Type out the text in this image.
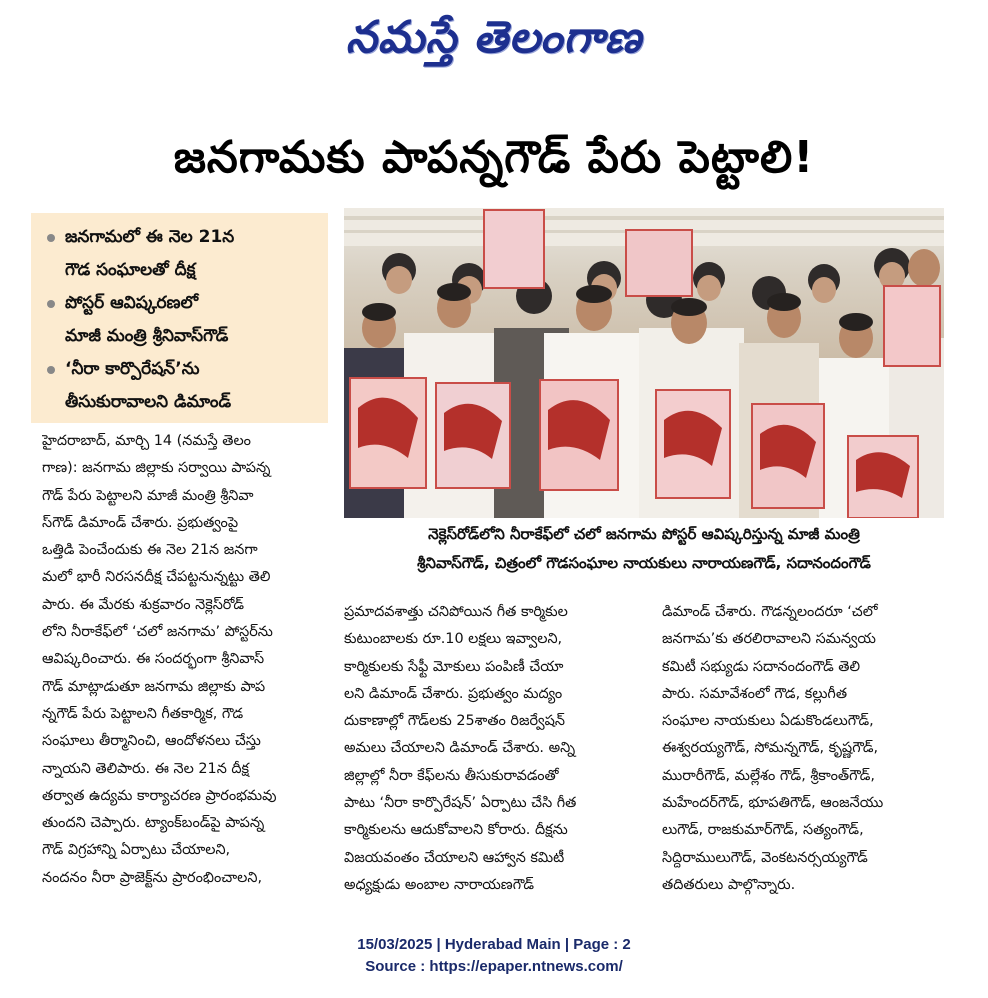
నమస్తే తెలంగాణ
జనగామకు పాపన్నగౌడ్ పేరు పెట్టాలి!
జనగామలో ఈ నెల 21న
గౌడ సంఘాలతో దీక్ష
పోస్టర్ ఆవిష్కరణలో
మాజీ మంత్రి శ్రీనివాస్‌గౌడ్
‘నీరా కార్పొరేషన్’ను
తీసుకురావాలని డిమాండ్
నెక్లెస్‌రోడ్‌లోని నీరాకేఫ్‌లో చలో జనగామ పోస్టర్ ఆవిష్కరిస్తున్న మాజీ మంత్రి
శ్రీనివాస్‌గౌడ్, చిత్రంలో గౌడసంఘాల నాయకులు నారాయణగౌడ్, సదానందంగౌడ్
హైదరాబాద్, మార్చి 14 (నమస్తే తెలం
గాణ): జనగామ జిల్లాకు సర్వాయి పాపన్న
గౌడ్ పేరు పెట్టాలని మాజీ మంత్రి శ్రీనివా
స్‌గౌడ్ డిమాండ్ చేశారు. ప్రభుత్వంపై
ఒత్తిడి పెంచేందుకు ఈ నెల 21న జనగా
మలో భారీ నిరసనదీక్ష చేపట్టనున్నట్టు తెలి
పారు. ఈ మేరకు శుక్రవారం నెక్లెస్‌రోడ్
లోని నీరాకేఫ్‌లో ‘చలో జనగామ’ పోస్టర్‌ను
ఆవిష్కరించారు. ఈ సందర్భంగా శ్రీనివాస్
గౌడ్ మాట్లాడుతూ జనగామ జిల్లాకు పాప
న్నగౌడ్ పేరు పెట్టాలని గీతకార్మిక, గౌడ
సంఘాలు తీర్మానించి, ఆందోళనలు చేస్తు
న్నాయని తెలిపారు. ఈ నెల 21న దీక్ష
తర్వాత ఉద్యమ కార్యాచరణ ప్రారంభమవు
తుందని చెప్పారు. ట్యాంక్‌బండ్‌పై పాపన్న
గౌడ్ విగ్రహాన్ని ఏర్పాటు చేయాలని,
నందనం నీరా ప్రాజెక్ట్‌ను ప్రారంభించాలని,
ప్రమాదవశాత్తు చనిపోయిన గీత కార్మికుల
కుటుంబాలకు రూ.10 లక్షలు ఇవ్వాలని,
కార్మికులకు సేఫ్టీ మోకులు పంపిణీ చేయా
లని డిమాండ్ చేశారు. ప్రభుత్వం మద్యం
దుకాణాల్లో గౌడ్‌లకు 25శాతం రిజర్వేషన్
అమలు చేయాలని డిమాండ్ చేశారు. అన్ని
జిల్లాల్లో నీరా కేఫ్‌లను తీసుకురావడంతో
పాటు ‘నీరా కార్పొరేషన్’ ఏర్పాటు చేసి గీత
కార్మికులను ఆదుకోవాలని కోరారు. దీక్షను
విజయవంతం చేయాలని ఆహ్వాన కమిటీ
అధ్యక్షుడు అంబాల నారాయణగౌడ్
డిమాండ్ చేశారు. గౌడన్నలందరూ ‘చలో
జనగామ’కు తరలిరావాలని సమన్వయ
కమిటీ సభ్యుడు సదానందంగౌడ్ తెలి
పారు. సమావేశంలో గౌడ, కల్లుగీత
సంఘాల నాయకులు ఏడుకొండలుగౌడ్,
ఈశ్వరయ్యగౌడ్, సోమన్నగౌడ్, కృష్ణగౌడ్,
మురారీగౌడ్, మల్లేశం గౌడ్, శ్రీకాంత్‌గౌడ్,
మహేందర్‌గౌడ్, భూపతిగౌడ్, ఆంజనేయు
లుగౌడ్, రాజకుమార్‌గౌడ్, సత్యంగౌడ్,
సిద్దిరాములుగౌడ్, వెంకటనర్సయ్యగౌడ్
తదితరులు పాల్గొన్నారు.
15/03/2025 | Hyderabad Main | Page : 2
Source : https://epaper.ntnews.com/
